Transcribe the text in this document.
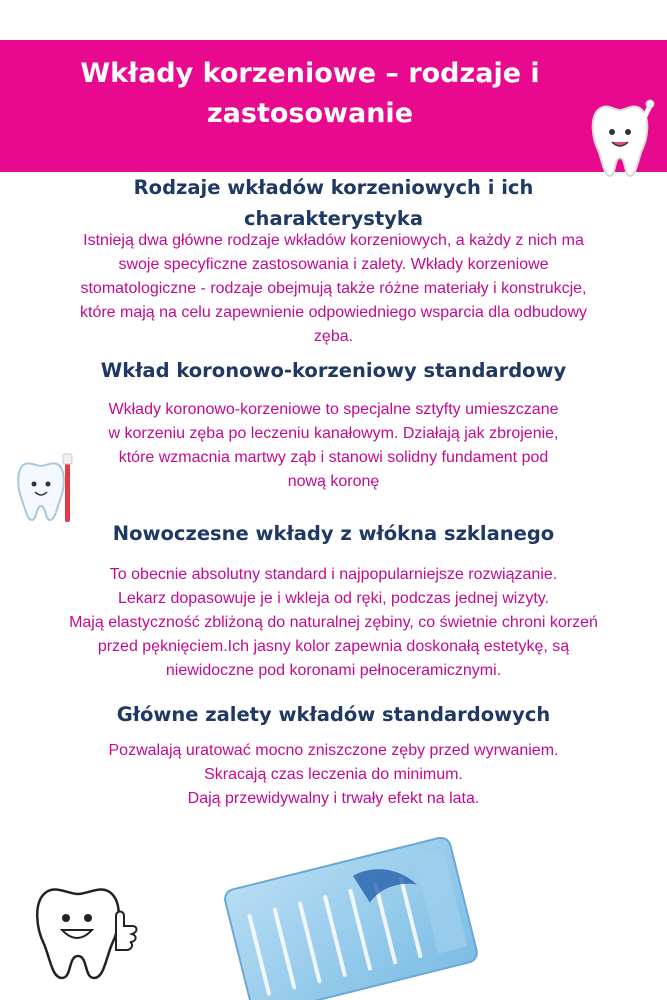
Wkłady korzeniowe – rodzaje i
zastosowanie
Rodzaje wkładów korzeniowych i ich
charakterystyka
Istnieją dwa główne rodzaje wkładów korzeniowych, a każdy z nich ma
swoje specyficzne zastosowania i zalety. Wkłady korzeniowe
stomatologiczne - rodzaje obejmują także różne materiały i konstrukcje,
które mają na celu zapewnienie odpowiedniego wsparcia dla odbudowy
zęba.
Wkład koronowo-korzeniowy standardowy
Wkłady koronowo-korzeniowe to specjalne sztyfty umieszczane
w korzeniu zęba po leczeniu kanałowym. Działają jak zbrojenie,
które wzmacnia martwy ząb i stanowi solidny fundament pod
nową koronę
Nowoczesne wkłady z włókna szklanego
To obecnie absolutny standard i najpopularniejsze rozwiązanie.
Lekarz dopasowuje je i wkleja od ręki, podczas jednej wizyty.
Mają elastyczność zbliżoną do naturalnej zębiny, co świetnie chroni korzeń
przed pęknięciem.Ich jasny kolor zapewnia doskonałą estetykę, są
niewidoczne pod koronami pełnoceramicznymi.
Główne zalety wkładów standardowych
Pozwalają uratować mocno zniszczone zęby przed wyrwaniem.
Skracają czas leczenia do minimum.
Dają przewidywalny i trwały efekt na lata.
